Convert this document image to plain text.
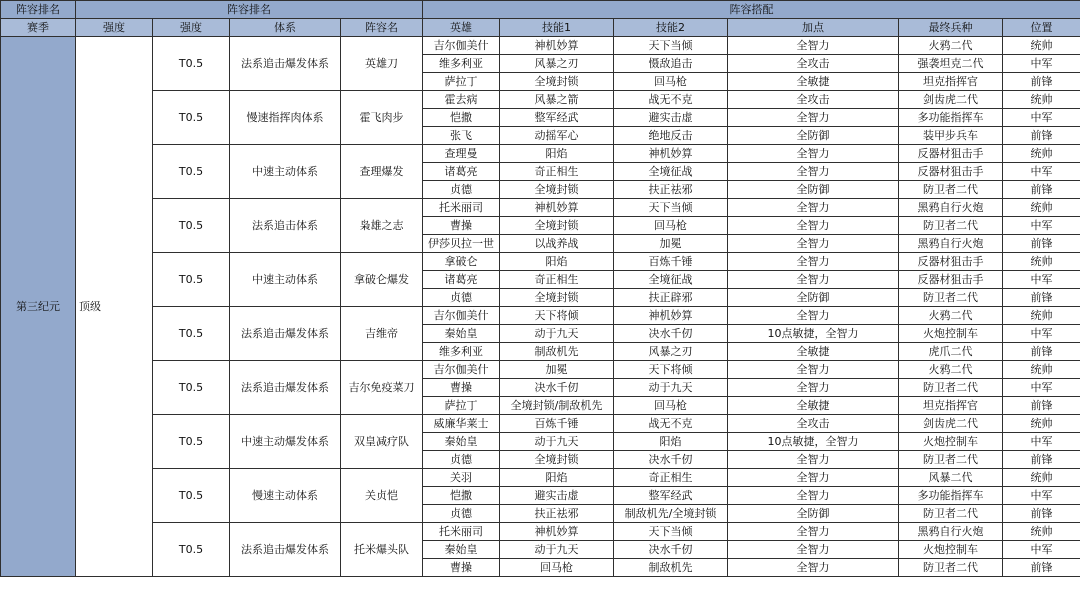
阵容排名	阵容排名				阵容搭配					
赛季	强度	强度	体系	阵容名	英雄	技能1	技能2	加点	最终兵种	位置
第三纪元	顶级	T0.5	法系追击爆发体系	英雄刀	吉尔伽美什	神机妙算	天下当倾	全智力	火鸦二代	统帅
					维多利亚	风暴之刃	慑敌追击	全攻击	强袭坦克二代	中军
					萨拉丁	全境封锁	回马枪	全敏捷	坦克指挥官	前锋
		T0.5	慢速指挥肉体系	霍飞肉步	霍去病	风暴之箭	战无不克	全攻击	剑齿虎二代	统帅
					恺撒	整军经武	避实击虚	全智力	多功能指挥车	中军
					张飞	动摇军心	绝地反击	全防御	装甲步兵车	前锋
		T0.5	中速主动体系	查理爆发	查理曼	阳焰	神机妙算	全智力	反器材狙击手	统帅
					诸葛亮	奇正相生	全境征战	全智力	反器材狙击手	中军
					贞德	全境封锁	扶正祛邪	全防御	防卫者二代	前锋
		T0.5	法系追击体系	枭雄之志	托米丽司	神机妙算	天下当倾	全智力	黑鸦自行火炮	统帅
					曹操	全境封锁	回马枪	全智力	防卫者二代	中军
					伊莎贝拉一世	以战养战	加冕	全智力	黑鸦自行火炮	前锋
		T0.5	中速主动体系	拿破仑爆发	拿破仑	阳焰	百炼千锤	全智力	反器材狙击手	统帅
					诸葛亮	奇正相生	全境征战	全智力	反器材狙击手	中军
					贞德	全境封锁	扶正辟邪	全防御	防卫者二代	前锋
		T0.5	法系追击爆发体系	吉维帝	吉尔伽美什	天下将倾	神机妙算	全智力	火鸦二代	统帅
					秦始皇	动于九天	决水千仞	10点敏捷，全智力	火炮控制车	中军
					维多利亚	制敌机先	风暴之刃	全敏捷	虎爪二代	前锋
		T0.5	法系追击爆发体系	吉尔免疫菜刀	吉尔伽美什	加冕	天下将倾	全智力	火鸦二代	统帅
					曹操	决水千仞	动于九天	全智力	防卫者二代	中军
					萨拉丁	全境封锁/制敌机先	回马枪	全敏捷	坦克指挥官	前锋
		T0.5	中速主动爆发体系	双皇减疗队	威廉华莱士	百炼千锤	战无不克	全攻击	剑齿虎二代	统帅
					秦始皇	动于九天	阳焰	10点敏捷，全智力	火炮控制车	中军
					贞德	全境封锁	决水千仞	全智力	防卫者二代	前锋
		T0.5	慢速主动体系	关贞恺	关羽	阳焰	奇正相生	全智力	风暴二代	统帅
					恺撒	避实击虚	整军经武	全智力	多功能指挥车	中军
					贞德	扶正祛邪	制敌机先/全境封锁	全防御	防卫者二代	前锋
		T0.5	法系追击爆发体系	托米爆头队	托米丽司	神机妙算	天下当倾	全智力	黑鸦自行火炮	统帅
					秦始皇	动于九天	决水千仞	全智力	火炮控制车	中军
					曹操	回马枪	制敌机先	全智力	防卫者二代	前锋
